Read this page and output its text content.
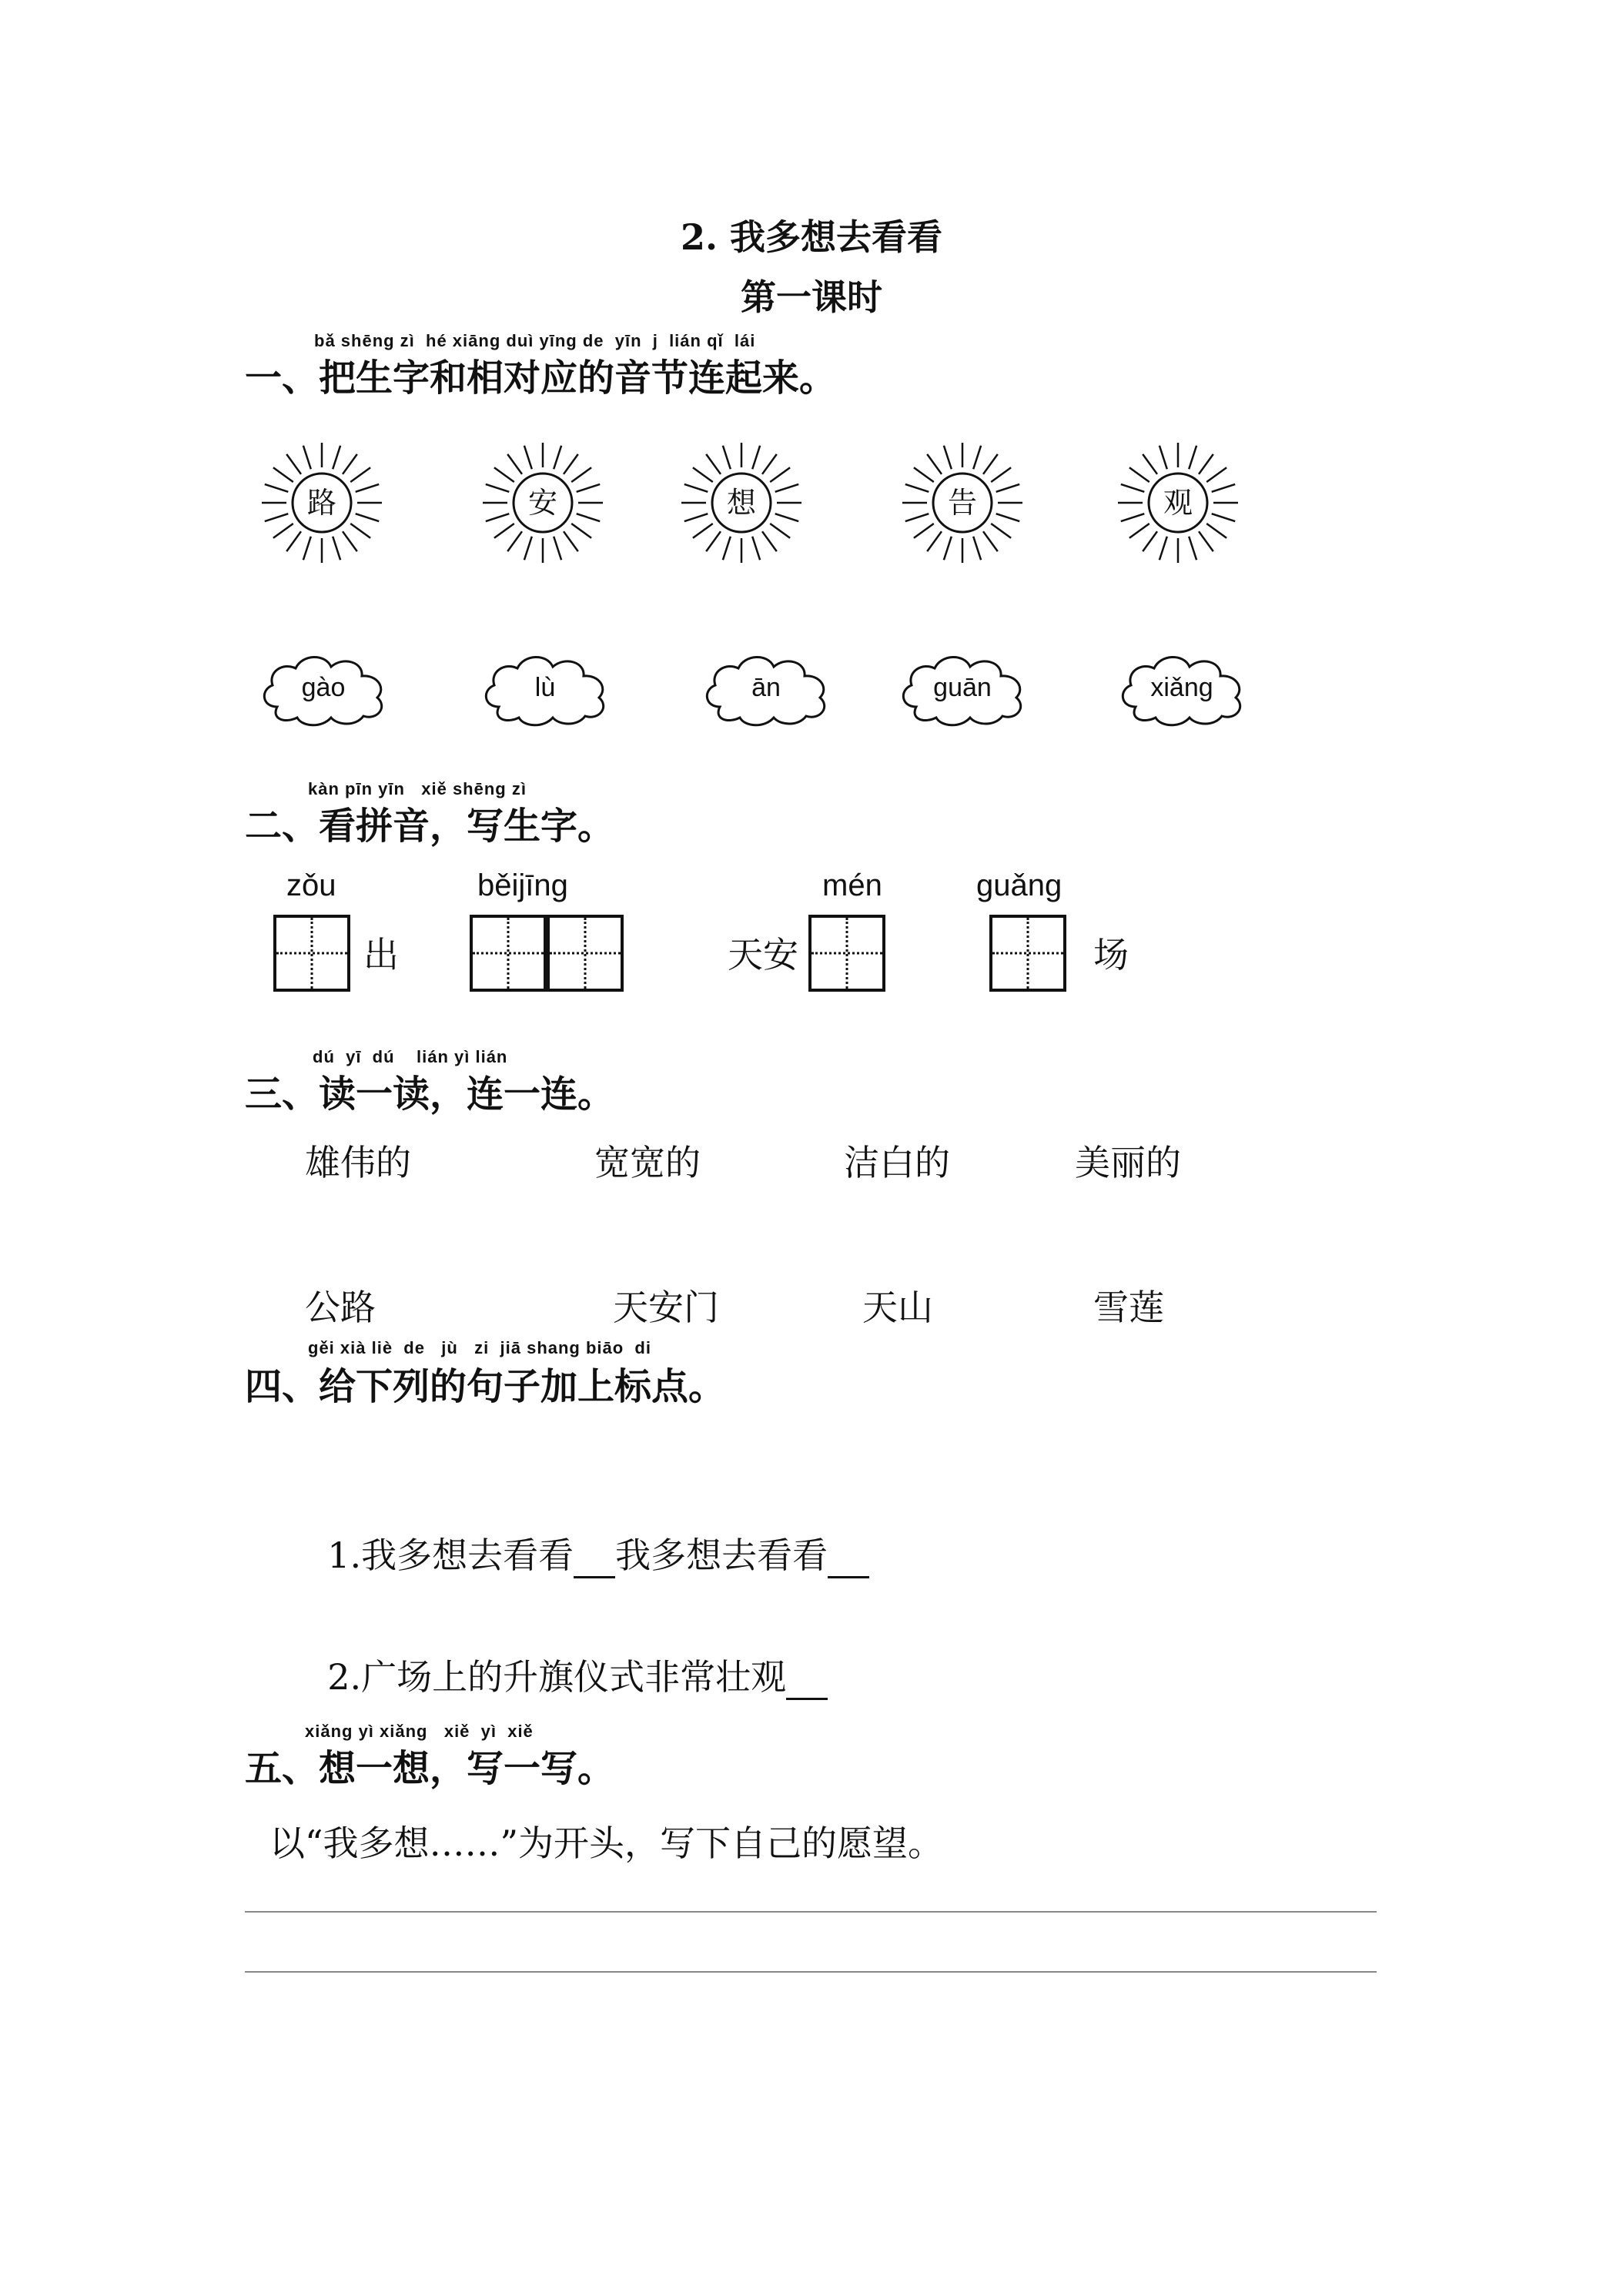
2. 我多想去看看
第一课时
bǎ shēng zì  hé xiāng duì yīng de  yīn  j  lián qǐ  lái
一、把生字和相对应的音节连起来。
路	安	想	告	观
gào	lù	ān	guān	xiǎng
kàn pīn yīn   xiě shēng zì
二、看拼音，写生字。
zǒu
出
běijīng
天安
mén	guǎng
场
dú  yī  dú    lián yì lián
三、读一读，连一连。
雄伟的	宽宽的	洁白的	美丽的
公路	天安门	天山	雪莲
gěi xià liè  de   jù   zi  jiā shang biāo  di
四、给下列的句子加上标点。

1.我多想去看看 我多想去看看

2.广场上的升旗仪式非常壮观

xiǎng yì xiǎng   xiě  yì  xiě
五、想一想，写一写。
以“我多想……”为开头，写下自己的愿望。
